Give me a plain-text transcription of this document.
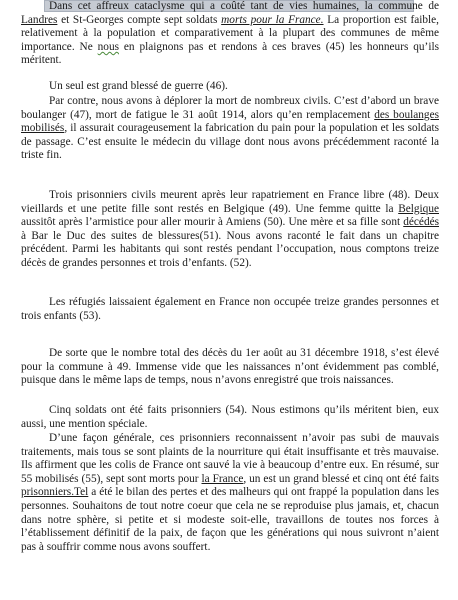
Dans cet affreux cataclysme qui a coûté tant de vies humaines, la commune de Landres et St-Georges compte sept soldats morts pour la France. La proportion est faible, relativement à la population et comparativement à la plupart des communes de même importance. Ne nous en plaignons pas et rendons à ces braves (45) les honneurs qu’ils méritent.

Un seul est grand blessé de guerre (46).

Par contre, nous avons à déplorer la mort de nombreux civils. C’est d’abord un brave boulanger (47), mort de fatigue le 31 août 1914, alors qu’en remplacement des boulanges mobilisés, il assurait courageusement la fabrication du pain pour la population et les soldats de passage. C’est ensuite le médecin du village dont nous avons précédemment raconté la triste fin.

Trois prisonniers civils meurent après leur rapatriement en France libre (48). Deux vieillards et une petite fille sont restés en Belgique (49). Une femme quitte la Belgique aussitôt après l’armistice pour aller mourir à Amiens (50). Une mère et sa fille sont décédés à Bar le Duc des suites de blessures(51). Nous avons raconté le fait dans un chapitre précédent. Parmi les habitants qui sont restés pendant l’occupation, nous comptons treize décès de grandes personnes et trois d’enfants. (52).

Les réfugiés laissaient également en France non occupée treize grandes personnes et trois enfants (53).

De sorte que le nombre total des décès du 1er août au 31 décembre 1918, s’est élevé pour la commune à 49. Immense vide que les naissances n’ont évidemment pas comblé, puisque dans le même laps de temps, nous n’avons enregistré que trois naissances.

Cinq soldats ont été faits prisonniers (54). Nous estimons qu’ils méritent bien, eux aussi, une mention spéciale.

D’une façon générale, ces prisonniers reconnaissent n’avoir pas subi de mauvais traitements, mais tous se sont plaints de la nourriture qui était insuffisante et très mauvaise. Ils affirment que les colis de France ont sauvé la vie à beaucoup d’entre eux. En résumé, sur 55 mobilisés (55), sept sont morts pour la France, un est un grand blessé et cinq ont été faits prisonniers.Tel a été le bilan des pertes et des malheurs qui ont frappé la population dans les personnes. Souhaitons de tout notre coeur que cela ne se reproduise plus jamais, et, chacun dans notre sphère, si petite et si modeste soit-elle, travaillons de toutes nos forces à l’établissement définitif de la paix, de façon que les générations qui nous suivront n’aient pas à souffrir comme nous avons souffert.
